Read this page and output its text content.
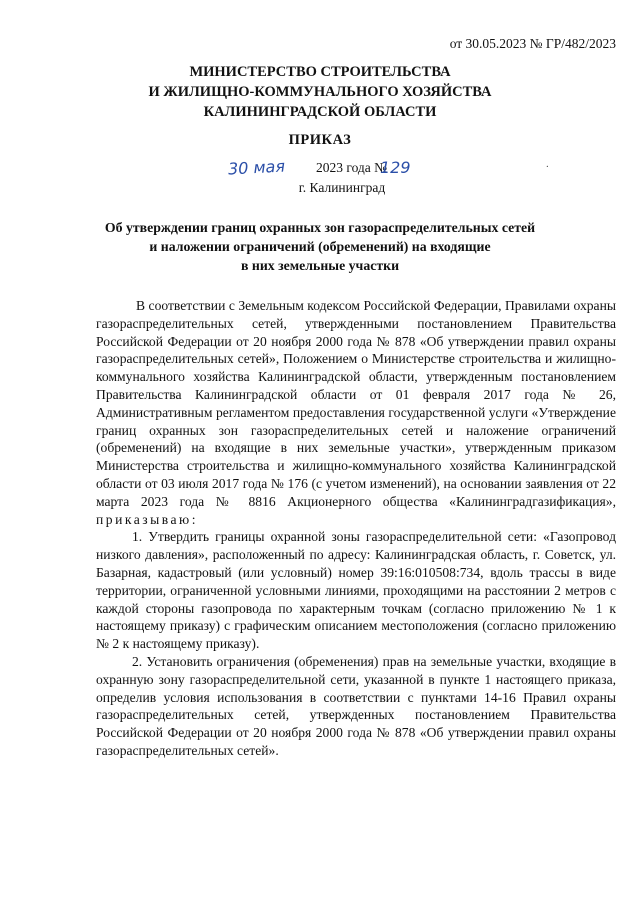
от 30.05.2023 № ГР/482/2023
МИНИСТЕРСТВО СТРОИТЕЛЬСТВА
И ЖИЛИЩНО-КОММУНАЛЬНОГО ХОЗЯЙСТВА
КАЛИНИНГРАДСКОЙ ОБЛАСТИ
ПРИКАЗ
30 мая 2023 года №
129	.
г. Калининград
Об утверждении границ охранных зон газораспределительных сетей
и наложении ограничений (обременений) на входящие
в них земельные участки

В соответствии с Земельным кодексом Российской Федерации, Правилами охраны газораспределительных сетей, утвержденными постановлением Правительства Российской Федерации от 20 ноября 2000 года № 878 «Об утверждении правил охраны газораспределительных сетей», Положением о Министерстве строительства и жилищно-коммунального хозяйства Калининградской области, утвержденным постановлением Правительства Калининградской области от 01 февраля 2017 года № 26, Административным регламентом предоставления государственной услуги «Утверждение границ охранных зон газораспределительных сетей и наложение ограничений (обременений) на входящие в них земельные участки», утвержденным приказом Министерства строительства и жилищно-коммунального хозяйства Калининградской области от 03 июля 2017 года № 176 (с учетом изменений), на основании заявления от 22 марта 2023 года № 8816 Акционерного общества «Калининградгазификация», приказываю:

1. Утвердить границы охранной зоны газораспределительной сети: «Газопровод низкого давления», расположенный по адресу: Калининградская область, г. Советск, ул. Базарная, кадастровый (или условный) номер 39:16:010508:734, вдоль трассы в виде территории, ограниченной условными линиями, проходящими на расстоянии 2 метров с каждой стороны газопровода по характерным точкам (согласно приложению № 1 к настоящему приказу) с графическим описанием местоположения (согласно приложению № 2 к настоящему приказу).

2. Установить ограничения (обременения) прав на земельные участки, входящие в охранную зону газораспределительной сети, указанной в пункте 1 настоящего приказа, определив условия использования в соответствии с пунктами 14-16 Правил охраны газораспределительных сетей, утвержденных постановлением Правительства Российской Федерации от 20 ноября 2000 года № 878 «Об утверждении правил охраны газораспределительных сетей».
